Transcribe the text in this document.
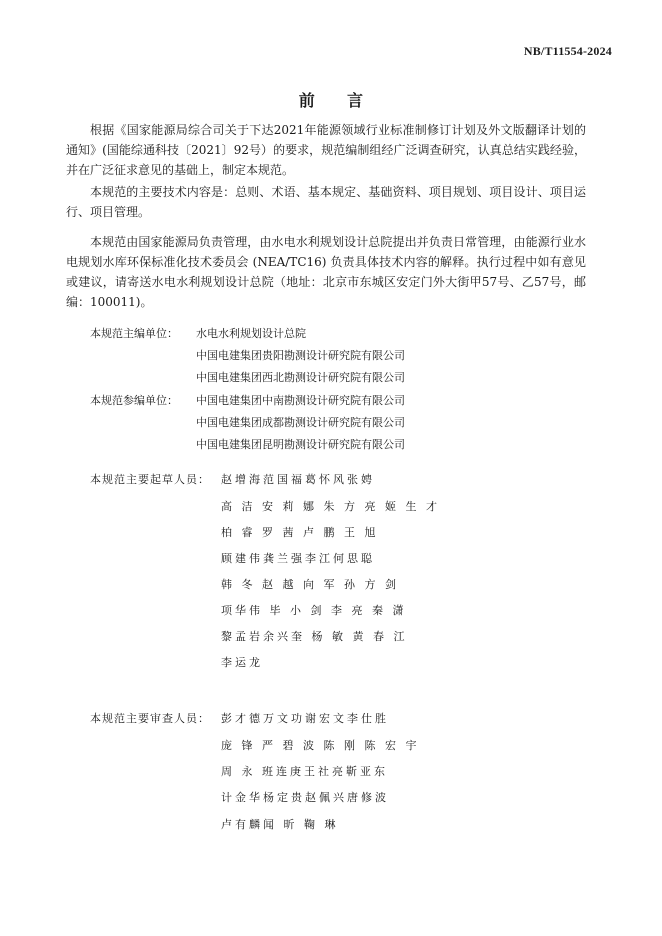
NB/T11554-2024
前 言
根据《国家能源局综合司关于下达2021年能源领域行业标准制修订计划及外文版翻译计划的通知》(国能综通科技〔2021〕92号）的要求，规范编制组经广泛调查研究，认真总结实践经验，并在广泛征求意见的基础上，制定本规范。
本规范的主要技术内容是：总则、术语、基本规定、基础资料、项目规划、项目设计、项目运行、项目管理。
本规范由国家能源局负责管理，由水电水利规划设计总院提出并负责日常管理，由能源行业水电规划水库环保标准化技术委员会 (NEA/TC16) 负责具体技术内容的解释。执行过程中如有意见或建议，请寄送水电水利规划设计总院（地址：北京市东城区安定门外大街甲57号、乙57号，邮编：100011)。
本规范主编单位： 水电水利规划设计总院
中国电建集团贵阳勘测设计研究院有限公司
中国电建集团西北勘测设计研究院有限公司
本规范参编单位： 中国电建集团中南勘测设计研究院有限公司
中国电建集团成都勘测设计研究院有限公司
中国电建集团昆明勘测设计研究院有限公司
本规范主要起草人员： 赵增海范国福葛怀风张娉
高 洁 安 莉 娜 朱 方 亮 姬 生 才
柏 睿 罗 茜 卢 鹏 王 旭
顾建伟龚兰强李江何思聪
韩 冬 赵 越 向 军 孙 方 剑
项华伟 毕 小 剑 李 亮 秦 潇
黎孟岩余兴奎 杨 敏 黄 春 江
李运龙
本规范主要审查人员： 彭才德万文功谢宏文李仕胜
庞 锋 严 碧 波 陈 刚 陈 宏 宇
周 永 班连庚王社亮靳亚东
计金华杨定贵赵佩兴唐修波
卢有麟闻 昕 鞠 琳
